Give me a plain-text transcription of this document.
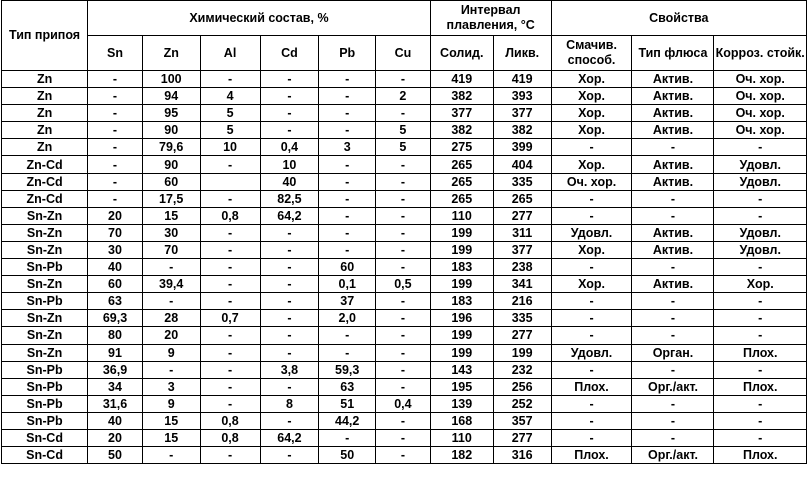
Тип припоя	Химический состав, %						Интервал плавления, °С		Свойства		
	Sn	Zn	Al	Cd	Pb	Cu	Солид.	Ликв.	Смачив. способ.	Тип флюса	Корроз. стойк.
Zn	-	100	-	-	-	-	419	419	Хор.	Актив.	Оч. хор.
Zn	-	94	4	-	-	2	382	393	Хор.	Актив.	Оч. хор.
Zn	-	95	5	-	-	-	377	377	Хор.	Актив.	Оч. хор.
Zn	-	90	5	-	-	5	382	382	Хор.	Актив.	Оч. хор.
Zn	-	79,6	10	0,4	3	5	275	399	-	-	-
Zn-Cd	-	90	-	10	-	-	265	404	Хор.	Актив.	Удовл.
Zn-Cd	-	60		40	-	-	265	335	Оч. хор.	Актив.	Удовл.
Zn-Cd	-	17,5	-	82,5	-	-	265	265	-	-	-
Sn-Zn	20	15	0,8	64,2	-	-	110	277	-	-	-
Sn-Zn	70	30	-	-	-	-	199	311	Удовл.	Актив.	Удовл.
Sn-Zn	30	70	-	-	-	-	199	377	Хор.	Актив.	Удовл.
Sn-Pb	40	-	-	-	60	-	183	238	-	-	-
Sn-Zn	60	39,4	-	-	0,1	0,5	199	341	Хор.	Актив.	Хор.
Sn-Pb	63	-	-	-	37	-	183	216	-	-	-
Sn-Zn	69,3	28	0,7	-	2,0	-	196	335	-	-	-
Sn-Zn	80	20	-	-	-	-	199	277	-	-	-
Sn-Zn	91	9	-	-	-	-	199	199	Удовл.	Орган.	Плох.
Sn-Pb	36,9	-	-	3,8	59,3	-	143	232	-	-	-
Sn-Pb	34	3	-	-	63	-	195	256	Плох.	Орг./акт.	Плох.
Sn-Pb	31,6	9	-	8	51	0,4	139	252	-	-	-
Sn-Pb	40	15	0,8	-	44,2	-	168	357	-	-	-
Sn-Cd	20	15	0,8	64,2	-	-	110	277	-	-	-
Sn-Cd	50	-	-	-	50	-	182	316	Плох.	Орг./акт.	Плох.
